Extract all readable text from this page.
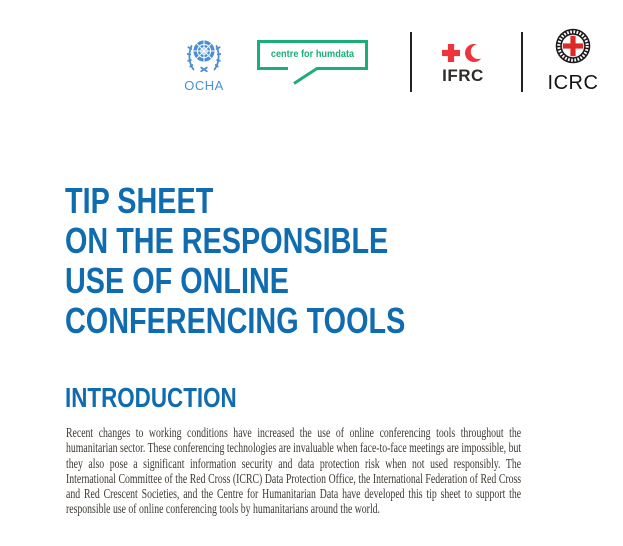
OCHA
centre for humdata
IFRC	ICRC
TIP SHEET
ON THE RESPONSIBLE
USE OF ONLINE
CONFERENCING TOOLS
INTRODUCTION

Recent changes to working conditions have increased the use of online conferencing tools throughout the humanitarian sector. These conferencing technologies are invaluable when face-to-face meetings are impossible, but they also pose a significant information security and data protection risk when not used responsibly. The International Committee of the Red Cross (ICRC) Data Protection Office, the International Federation of Red Cross and Red Crescent Societies, and the Centre for Humanitarian Data have developed this tip sheet to support the responsible use of online conferencing tools by humanitarians around the world.
